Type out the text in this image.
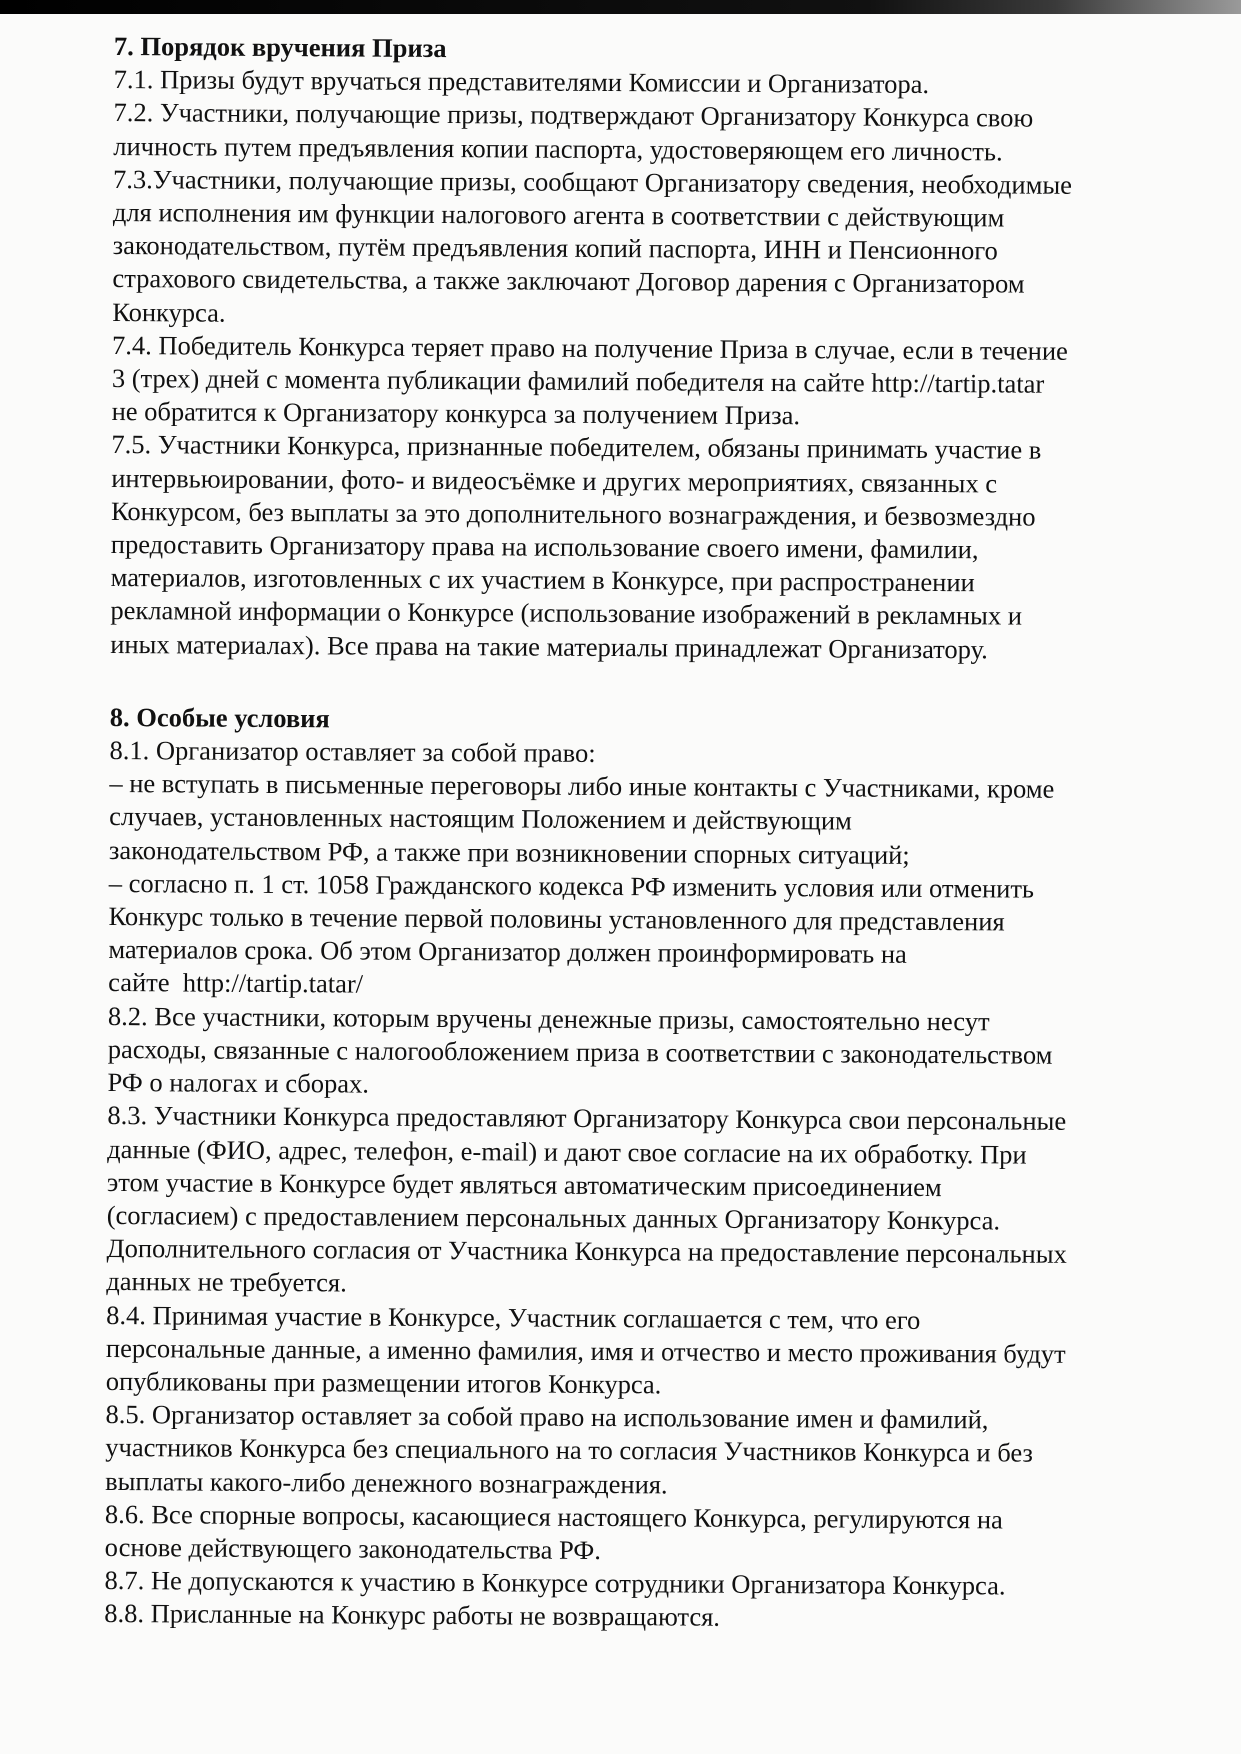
7. Порядок вручения Приза
7.1. Призы будут вручаться представителями Комиссии и Организатора.
7.2. Участники, получающие призы, подтверждают Организатору Конкурса свою
личность путем предъявления копии паспорта, удостоверяющем его личность.
7.3.Участники, получающие призы, сообщают Организатору сведения, необходимые
для исполнения им функции налогового агента в соответствии с действующим
законодательством, путём предъявления копий паспорта, ИНН и Пенсионного
страхового свидетельства, а также заключают Договор дарения с Организатором
Конкурса.
7.4. Победитель Конкурса теряет право на получение Приза в случае, если в течение
3 (трех) дней с момента публикации фамилий победителя на сайте http://tartip.tatar
не обратится к Организатору конкурса за получением Приза.
7.5. Участники Конкурса, признанные победителем, обязаны принимать участие в
интервьюировании, фото- и видеосъёмке и других мероприятиях, связанных с
Конкурсом, без выплаты за это дополнительного вознаграждения, и безвозмездно
предоставить Организатору права на использование своего имени, фамилии,
материалов, изготовленных с их участием в Конкурсе, при распространении
рекламной информации о Конкурсе (использование изображений в рекламных и
иных материалах). Все права на такие материалы принадлежат Организатору.
8. Особые условия
8.1. Организатор оставляет за собой право:
– не вступать в письменные переговоры либо иные контакты с Участниками, кроме
случаев, установленных настоящим Положением и действующим
законодательством РФ, а также при возникновении спорных ситуаций;
– согласно п. 1 ст. 1058 Гражданского кодекса РФ изменить условия или отменить
Конкурс только в течение первой половины установленного для представления
материалов срока. Об этом Организатор должен проинформировать на
сайте  http://tartip.tatar/
8.2. Все участники, которым вручены денежные призы, самостоятельно несут
расходы, связанные с налогообложением приза в соответствии с законодательством
РФ о налогах и сборах.
8.3. Участники Конкурса предоставляют Организатору Конкурса свои персональные
данные (ФИО, адрес, телефон, e-mail) и дают свое согласие на их обработку. При
этом участие в Конкурсе будет являться автоматическим присоединением
(согласием) с предоставлением персональных данных Организатору Конкурса.
Дополнительного согласия от Участника Конкурса на предоставление персональных
данных не требуется.
8.4. Принимая участие в Конкурсе, Участник соглашается с тем, что его
персональные данные, а именно фамилия, имя и отчество и место проживания будут
опубликованы при размещении итогов Конкурса.
8.5. Организатор оставляет за собой право на использование имен и фамилий,
участников Конкурса без специального на то согласия Участников Конкурса и без
выплаты какого-либо денежного вознаграждения.
8.6. Все спорные вопросы, касающиеся настоящего Конкурса, регулируются на
основе действующего законодательства РФ.
8.7. Не допускаются к участию в Конкурсе сотрудники Организатора Конкурса.
8.8. Присланные на Конкурс работы не возвращаются.
